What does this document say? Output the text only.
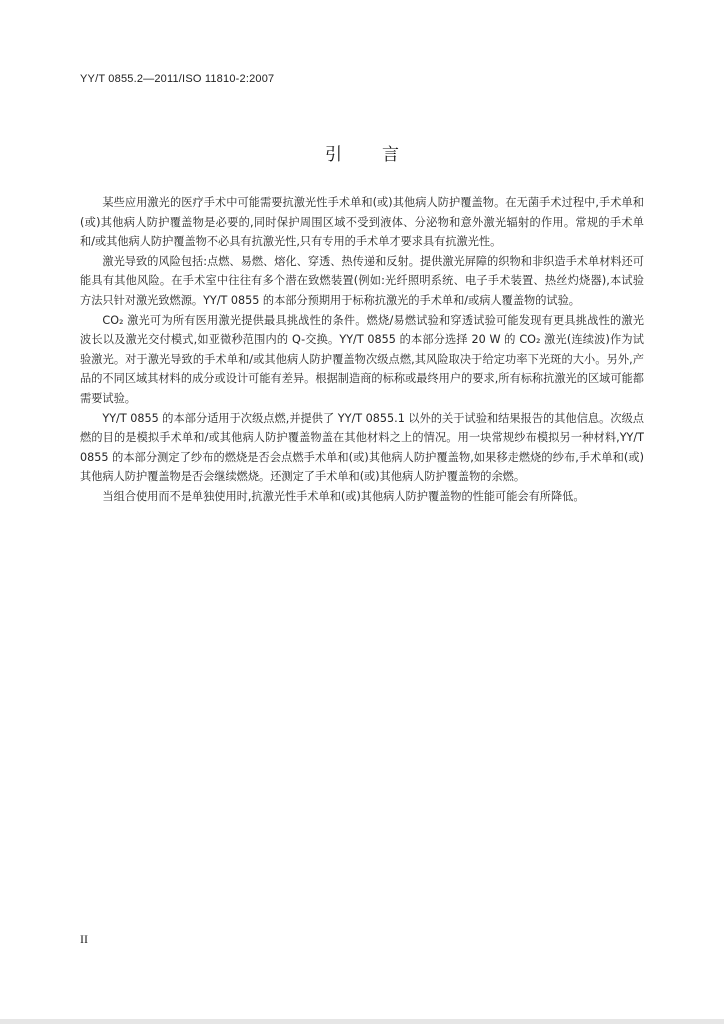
YY/T 0855.2—2011/ISO 11810-2:2007
引 言

某些应用激光的医疗手术中可能需要抗激光性手术单和(或)其他病人防护覆盖物。在无菌手术过程中,手术单和(或)其他病人防护覆盖物是必要的,同时保护周围区域不受到液体、分泌物和意外激光辐射的作用。常规的手术单和/或其他病人防护覆盖物不必具有抗激光性,只有专用的手术单才要求具有抗激光性。

激光导致的风险包括:点燃、易燃、熔化、穿透、热传递和反射。提供激光屏障的织物和非织造手术单材料还可能具有其他风险。在手术室中往往有多个潜在致燃装置(例如:光纤照明系统、电子手术装置、热丝灼烧器),本试验方法只针对激光致燃源。YY/T 0855 的本部分预期用于标称抗激光的手术单和/或病人覆盖物的试验。

CO₂ 激光可为所有医用激光提供最具挑战性的条件。燃烧/易燃试验和穿透试验可能发现有更具挑战性的激光波长以及激光交付模式,如亚微秒范围内的 Q-交换。YY/T 0855 的本部分选择 20 W 的 CO₂ 激光(连续波)作为试验激光。对于激光导致的手术单和/或其他病人防护覆盖物次级点燃,其风险取决于给定功率下光斑的大小。另外,产品的不同区域其材料的成分或设计可能有差异。根据制造商的标称或最终用户的要求,所有标称抗激光的区域可能都需要试验。

YY/T 0855 的本部分适用于次级点燃,并提供了 YY/T 0855.1 以外的关于试验和结果报告的其他信息。次级点燃的目的是模拟手术单和/或其他病人防护覆盖物盖在其他材料之上的情况。用一块常规纱布模拟另一种材料,YY/T 0855 的本部分测定了纱布的燃烧是否会点燃手术单和(或)其他病人防护覆盖物,如果移走燃烧的纱布,手术单和(或)其他病人防护覆盖物是否会继续燃烧。还测定了手术单和(或)其他病人防护覆盖物的余燃。

当组合使用而不是单独使用时,抗激光性手术单和(或)其他病人防护覆盖物的性能可能会有所降低。

II
